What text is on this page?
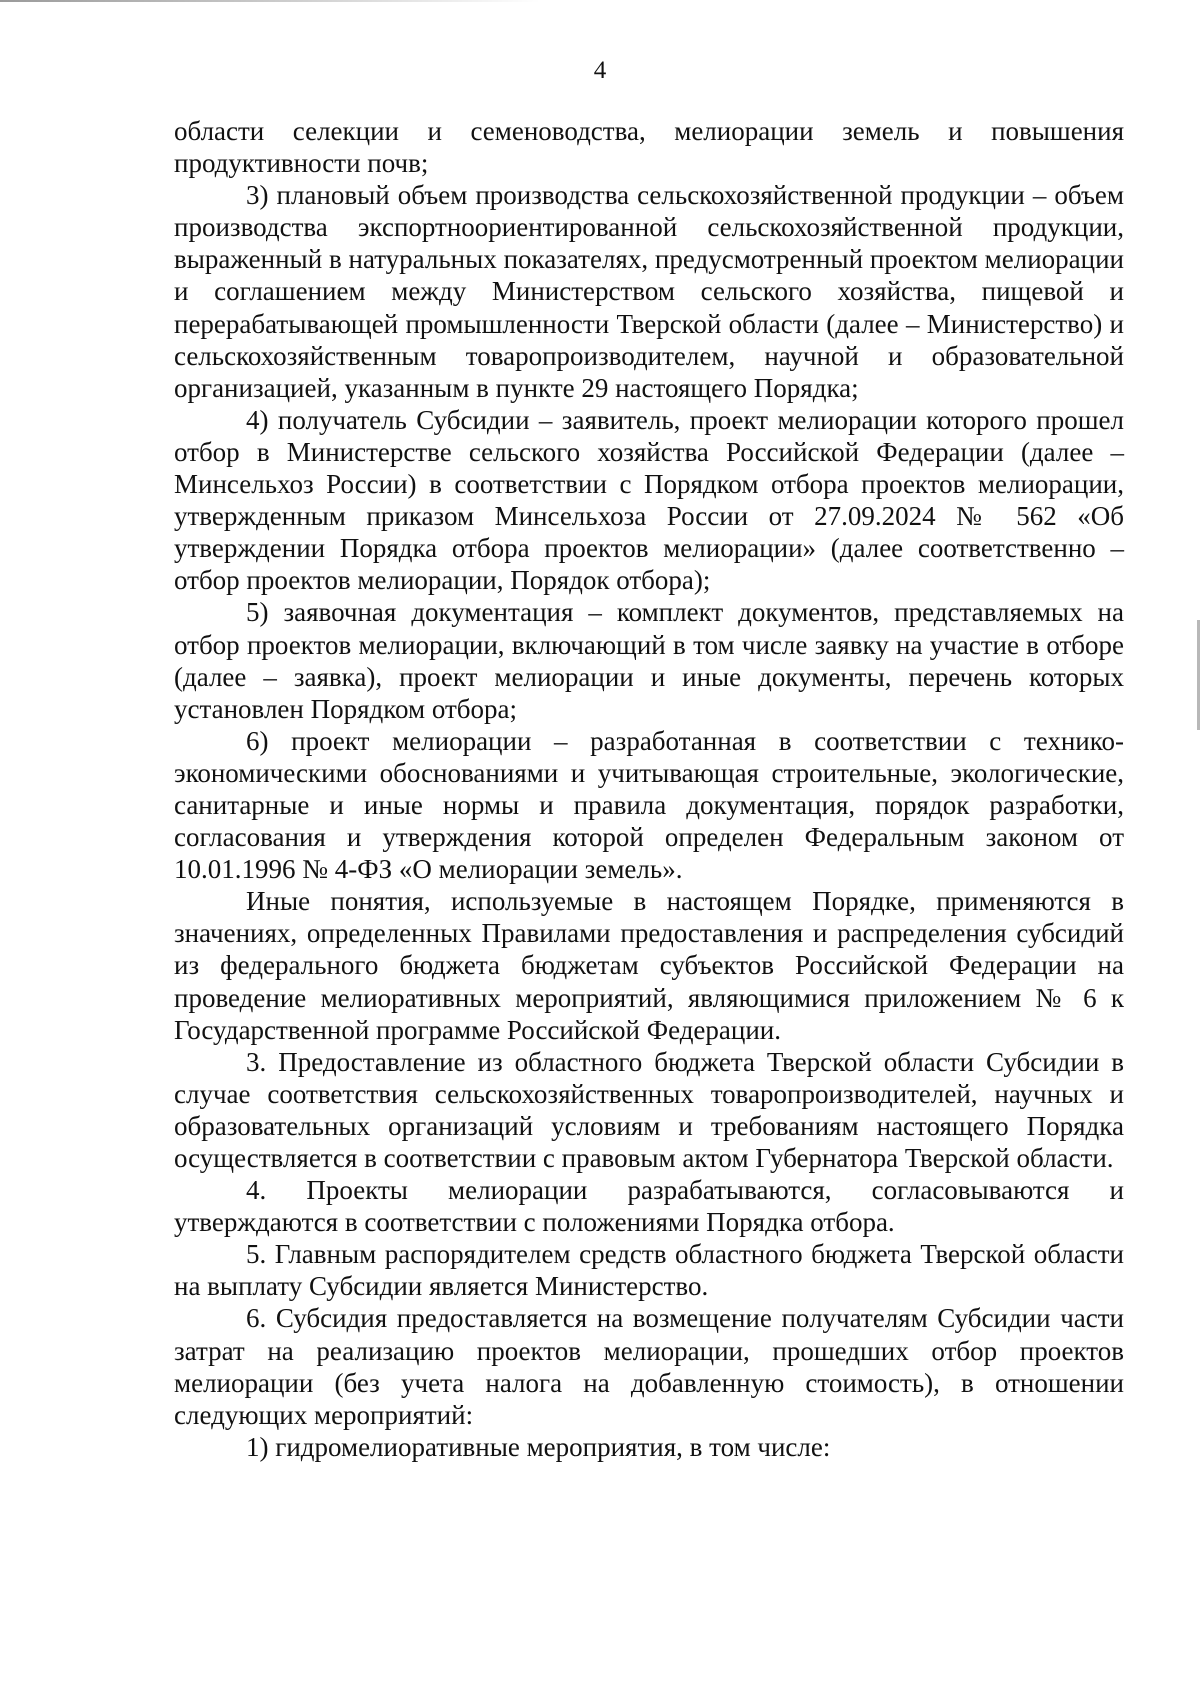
4

области селекции и семеноводства, мелиорации земель и повышения продуктивности почв;

3) плановый объем производства сельскохозяйственной продукции – объем производства экспортноориентированной сельскохозяйственной продукции, выраженный в натуральных показателях, предусмотренный проектом мелиорации и соглашением между Министерством сельского хозяйства, пищевой и перерабатывающей промышленности Тверской области (далее – Министерство) и сельскохозяйственным товаропроизводителем, научной и образовательной организацией, указанным в пункте 29 настоящего Порядка;

4) получатель Субсидии – заявитель, проект мелиорации которого прошел отбор в Министерстве сельского хозяйства Российской Федерации (далее – Минсельхоз России) в соответствии с Порядком отбора проектов мелиорации, утвержденным приказом Минсельхоза России от 27.09.2024 № 562 «Об утверждении Порядка отбора проектов мелиорации» (далее соответственно – отбор проектов мелиорации, Порядок отбора);

5) заявочная документация – комплект документов, представляемых на отбор проектов мелиорации, включающий в том числе заявку на участие в отборе (далее – заявка), проект мелиорации и иные документы, перечень которых установлен Порядком отбора;

6) проект мелиорации – разработанная в соответствии с технико-экономическими обоснованиями и учитывающая строительные, экологические, санитарные и иные нормы и правила документация, порядок разработки, согласования и утверждения которой определен Федеральным законом от 10.01.1996 № 4-ФЗ «О мелиорации земель».

Иные понятия, используемые в настоящем Порядке, применяются в значениях, определенных Правилами предоставления и распределения субсидий из федерального бюджета бюджетам субъектов Российской Федерации на проведение мелиоративных мероприятий, являющимися приложением № 6 к Государственной программе Российской Федерации.

3. Предоставление из областного бюджета Тверской области Субсидии в случае соответствия сельскохозяйственных товаропроизводителей, научных и образовательных организаций условиям и требованиям настоящего Порядка осуществляется в соответствии с правовым актом Губернатора Тверской области.

4. Проекты мелиорации разрабатываются, согласовываются и утверждаются в соответствии с положениями Порядка отбора.

5. Главным распорядителем средств областного бюджета Тверской области на выплату Субсидии является Министерство.

6. Субсидия предоставляется на возмещение получателям Субсидии части затрат на реализацию проектов мелиорации, прошедших отбор проектов мелиорации (без учета налога на добавленную стоимость), в отношении следующих мероприятий:

1) гидромелиоративные мероприятия, в том числе:
